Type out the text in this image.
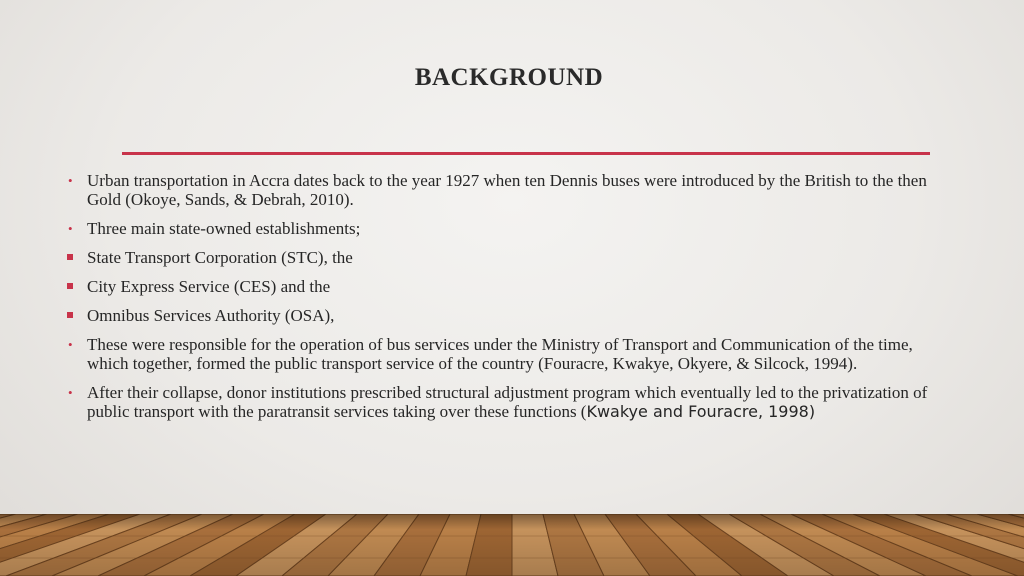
BACKGROUND
• Urban transportation in Accra dates back to the year 1927 when ten Dennis buses were introduced by the British to the then Gold (Okoye, Sands, & Debrah, 2010).
• Three main state-owned establishments;
State Transport Corporation (STC), the
City Express Service (CES) and the
Omnibus Services Authority (OSA),
• These were responsible for the operation of bus services under the Ministry of Transport and Communication of the time, which together, formed the public transport service of the country (Fouracre, Kwakye, Okyere, & Silcock, 1994).
• After their collapse, donor institutions prescribed structural adjustment program which eventually led to the privatization of public transport with the paratransit services taking over these functions (Kwakye and Fouracre, 1998)
